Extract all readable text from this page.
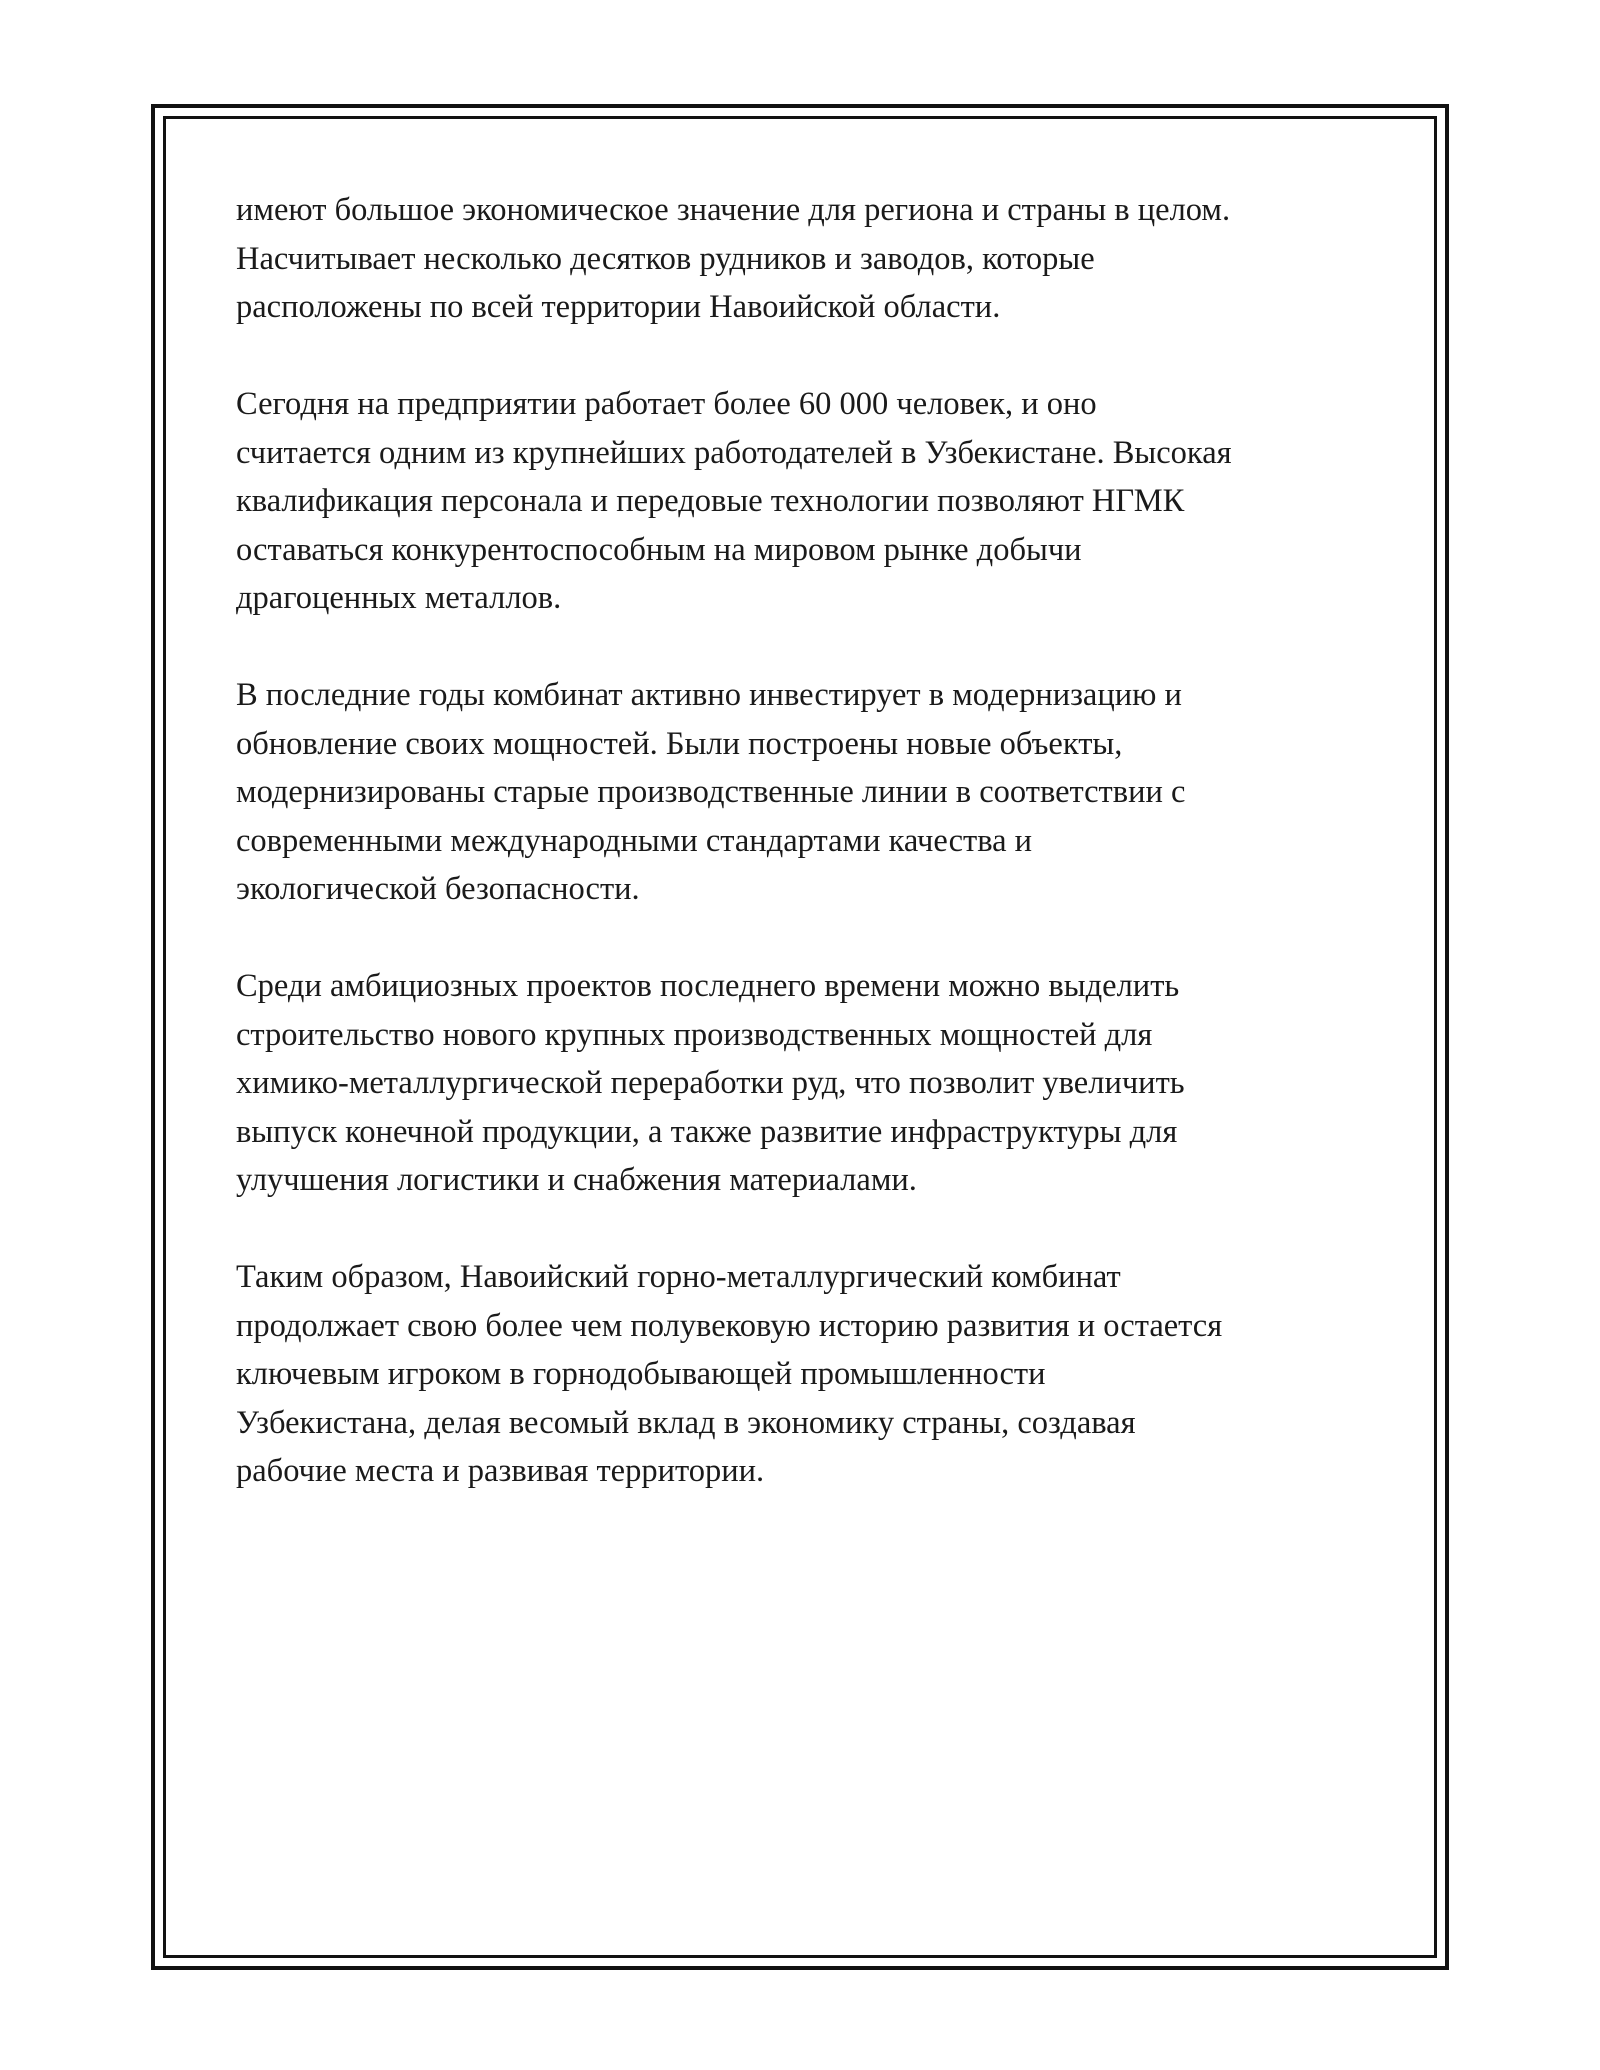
имеют большое экономическое значение для региона и страны в целом.
Насчитывает несколько десятков рудников и заводов, которые
расположены по всей территории Навоийской области.

Сегодня на предприятии работает более 60 000 человек, и оно
считается одним из крупнейших работодателей в Узбекистане. Высокая
квалификация персонала и передовые технологии позволяют НГМК
оставаться конкурентоспособным на мировом рынке добычи
драгоценных металлов.

В последние годы комбинат активно инвестирует в модернизацию и
обновление своих мощностей. Были построены новые объекты,
модернизированы старые производственные линии в соответствии с
современными международными стандартами качества и
экологической безопасности.

Среди амбициозных проектов последнего времени можно выделить
строительство нового крупных производственных мощностей для
химико-металлургической переработки руд, что позволит увеличить
выпуск конечной продукции, а также развитие инфраструктуры для
улучшения логистики и снабжения материалами.

Таким образом, Навоийский горно-металлургический комбинат
продолжает свою более чем полувековую историю развития и остается
ключевым игроком в горнодобывающей промышленности
Узбекистана, делая весомый вклад в экономику страны, создавая
рабочие места и развивая территории.
